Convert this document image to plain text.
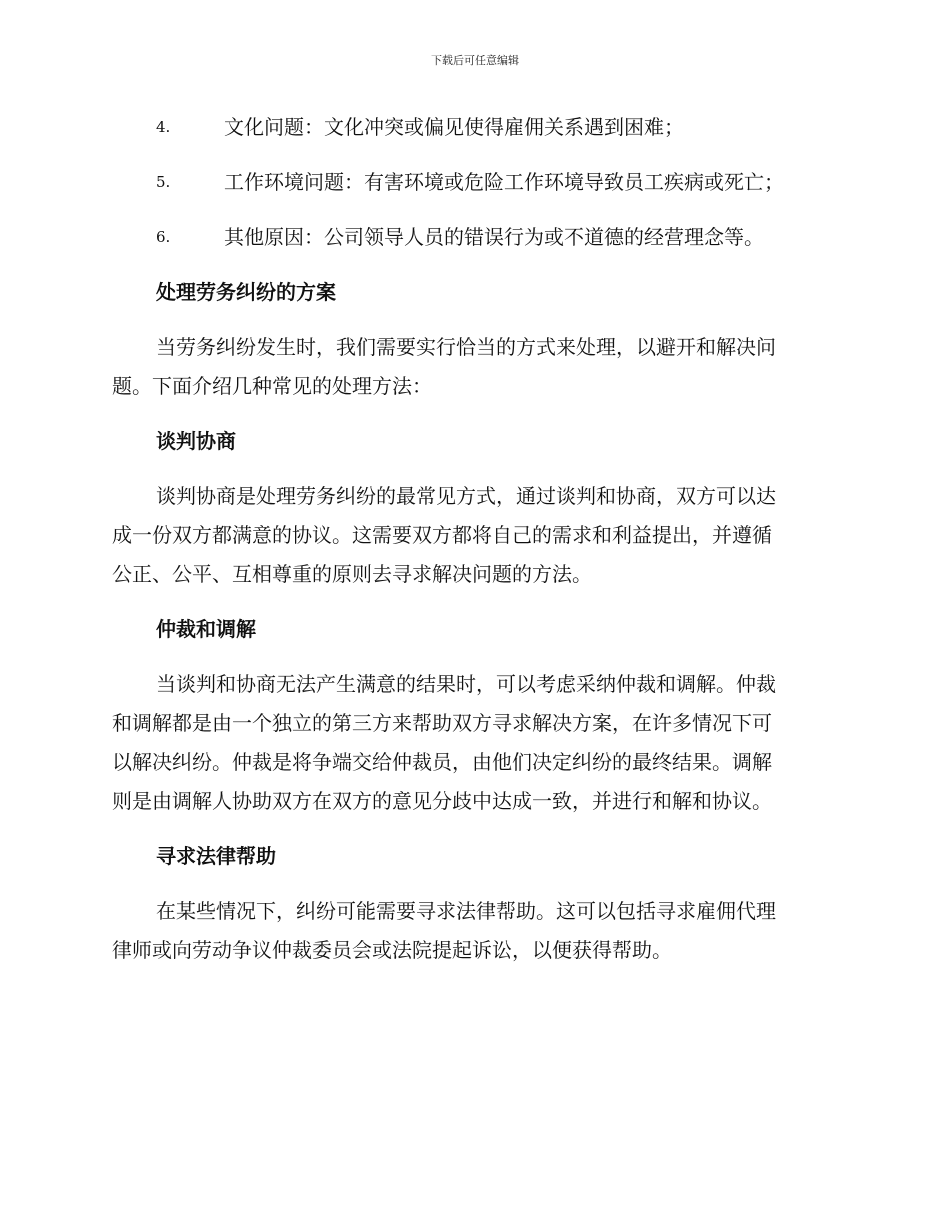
下载后可任意编辑
4.	文化问题：文化冲突或偏见使得雇佣关系遇到困难；
5.	工作环境问题：有害环境或危险工作环境导致员工疾病或死亡；
6.	其他原因：公司领导人员的错误行为或不道德的经营理念等。
处理劳务纠纷的方案
当劳务纠纷发生时，我们需要实行恰当的方式来处理，以避开和解决问
题。下面介绍几种常见的处理方法：
谈判协商
谈判协商是处理劳务纠纷的最常见方式，通过谈判和协商，双方可以达
成一份双方都满意的协议。这需要双方都将自己的需求和利益提出，并遵循
公正、公平、互相尊重的原则去寻求解决问题的方法。
仲裁和调解
当谈判和协商无法产生满意的结果时，可以考虑采纳仲裁和调解。仲裁
和调解都是由一个独立的第三方来帮助双方寻求解决方案，在许多情况下可
以解决纠纷。仲裁是将争端交给仲裁员，由他们决定纠纷的最终结果。调解
则是由调解人协助双方在双方的意见分歧中达成一致，并进行和解和协议。
寻求法律帮助
在某些情况下，纠纷可能需要寻求法律帮助。这可以包括寻求雇佣代理
律师或向劳动争议仲裁委员会或法院提起诉讼，以便获得帮助。
